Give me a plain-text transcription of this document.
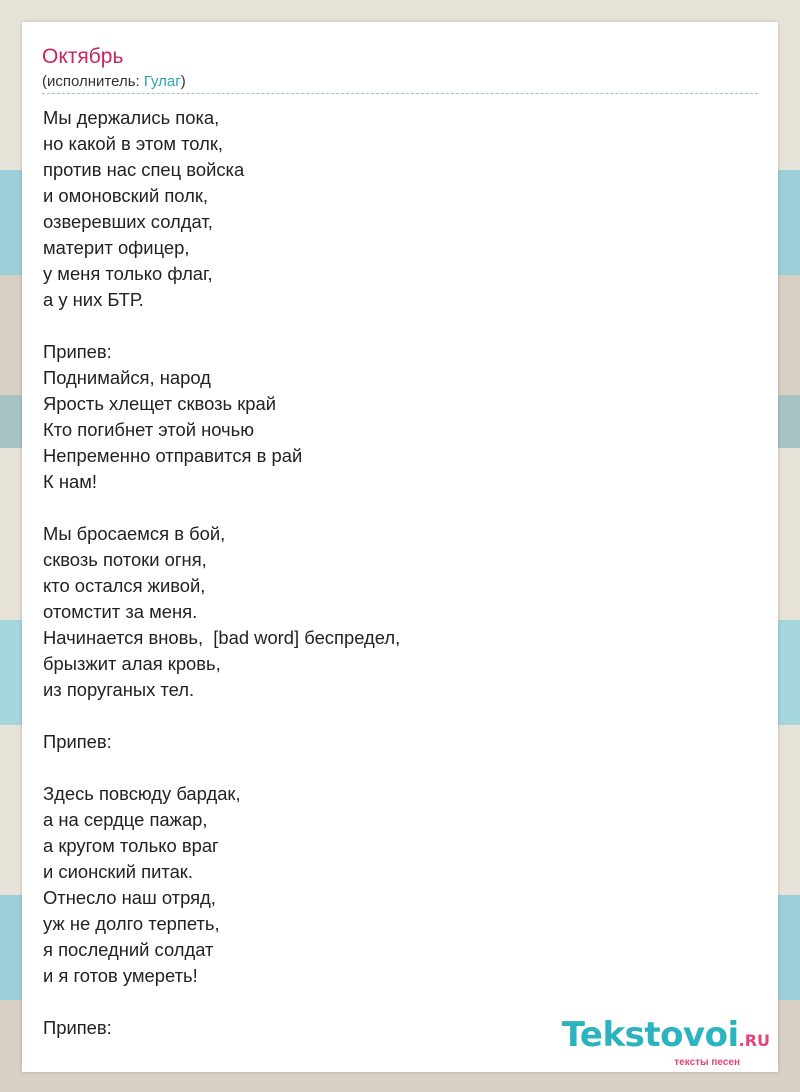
Октябрь
(исполнитель: Гулаг)
Мы держались пока,
но какой в этом толк,
против нас спец войска
и омоновский полк,
озверевших солдат,
материт офицер,
у меня только флаг,
а у них БТР.

Припев:
Поднимайся, народ
Ярость хлещет сквозь край
Кто погибнет этой ночью
Непременно отправится в рай
К нам!

Мы бросаемся в бой,
сквозь потоки огня,
кто остался живой,
отомстит за меня.
Начинается вновь,  [bad word] беспредел,
брызжит алая кровь,
из поруганых тел.

Припев:

Здесь повсюду бардак,
а на сердце пажар,
а кругом только враг
и сионский питак.
Отнесло наш отряд,
уж не долго терпеть,
я последний солдат
и я готов умереть!

Припев:	Tekstovoi.RU
тексты песен
